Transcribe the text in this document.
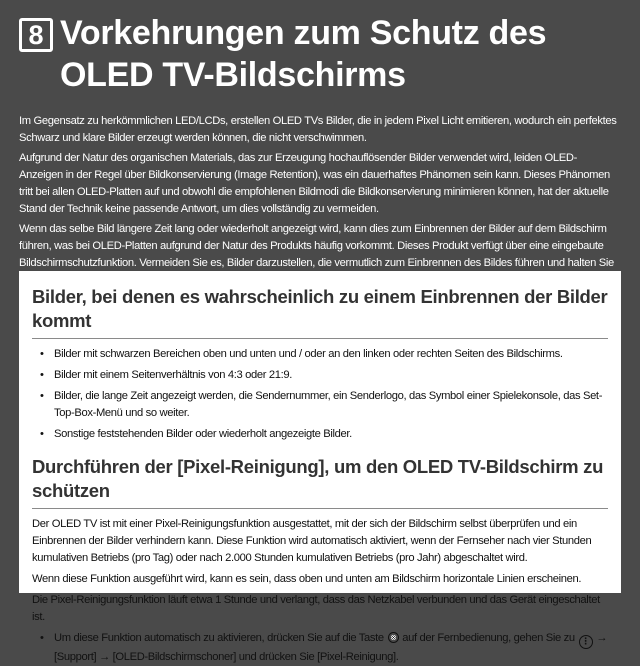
8 Vorkehrungen zum Schutz des
OLED TV-Bildschirms

Im Gegensatz zu herkömmlichen LED/LCDs, erstellen OLED TVs Bilder, die in jedem Pixel Licht emitieren, wodurch ein perfektes Schwarz und klare Bilder erzeugt werden können, die nicht verschwimmen.

Aufgrund der Natur des organischen Materials, das zur Erzeugung hochauflösender Bilder verwendet wird, leiden OLED-Anzeigen in der Regel über Bildkonservierung (Image Retention), was ein dauerhaftes Phänomen sein kann. Dieses Phänomen tritt bei allen OLED-Platten auf und obwohl die empfohlenen Bildmodi die Bildkonservierung minimieren können, hat der aktuelle Stand der Technik keine passende Antwort, um dies vollständig zu vermeiden.

Wenn das selbe Bild längere Zeit lang oder wiederholt angezeigt wird, kann dies zum Einbrennen der Bilder auf dem Bildschirm führen, was bei OLED-Platten aufgrund der Natur des Produkts häufig vorkommt. Dieses Produkt verfügt über eine eingebaute Bildschirmschutzfunktion. Vermeiden Sie es, Bilder darzustellen, die vermutlich zum Einbrennen des Bildes führen und halten Sie

Bilder, bei denen es wahrscheinlich zu einem Einbrennen der Bilder kommt
• Bilder mit schwarzen Bereichen oben und unten und / oder an den linken oder rechten Seiten des Bildschirms.
• Bilder mit einem Seitenverhältnis von 4:3 oder 21:9.
• Bilder, die lange Zeit angezeigt werden, die Sendernummer, ein Senderlogo, das Symbol einer Spielekonsole, das Set-Top-Box-Menü und so weiter.
• Sonstige feststehenden Bilder oder wiederholt angezeigte Bilder.
Durchführen der [Pixel-Reinigung], um den OLED TV-Bildschirm zu schützen

Der OLED TV ist mit einer Pixel-Reinigungsfunktion ausgestattet, mit der sich der Bildschirm selbst überprüfen und ein Einbrennen der Bilder verhindern kann. Diese Funktion wird automatisch aktiviert, wenn der Fernseher nach vier Stunden kumulativen Betriebs (pro Tag) oder nach 2.000 Stunden kumulativen Betriebs (pro Jahr) abgeschaltet wird.

Wenn diese Funktion ausgeführt wird, kann es sein, dass oben und unten am Bildschirm horizontale Linien erscheinen.

Die Pixel-Reinigungsfunktion läuft etwa 1 Stunde und verlangt, dass das Netzkabel verbunden und das Gerät eingeschaltet ist.

• Um diese Funktion automatisch zu aktivieren, drücken Sie auf die Taste auf der Fernbedienung, gehen Sie zu ⋮ → [Support] → [OLED-Bildschirmschoner] und drücken Sie [Pixel-Reinigung].
